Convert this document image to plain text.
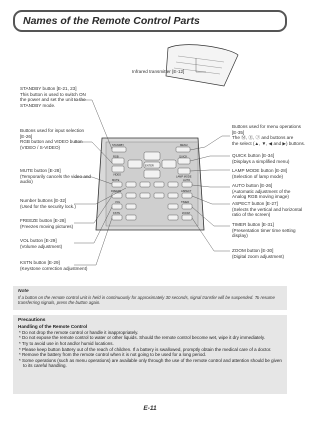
Names of the Remote Control Parts
STANDBY	MENU
ENTER
RGB
VIDEO
QUICK
LAMP MODE
MUTE	AUTO
FREEZE	ASPECT
VOL	TIMER
KSTN	ZOOM
STANDBY button [E-21, 23]
This button is used to switch ON
the power and set the unit to the
STANDBY mode.
Buttons used for input selection
[E-26]
RGB button and VIDEO button
(VIDEO / S-VIDEO)
MUTE button [E-28]
(Temporarily cancels the video and
audio)
Number buttons [E-32]
(Used for the security lock.)
FREEZE button [E-28]
(Freezes moving pictures)
VOL button [E-29]
(Volume adjustment)
KSTN button [E-29]
(Keystone correction adjustment)
Infrared transmitter [E-12]
Buttons used for menu operations
[E-35]
The Ⓜ, Ⓔ, Ⓙ and buttons are
the select (▲, ▼, ◀ and ▶) buttons.
QUICK button [E-34]
(Displays a simplified menu)
LAMP MODE button [E-28]
(Selection of lamp mode)
AUTO button [E-26]
(Automatic adjustment of the
Analog RGB moving image)
ASPECT button [E-27]
(Selects the vertical and horizontal
ratio of the screen)
TIMER button [E-31]
(Presentation timer time setting
display)
ZOOM button [E-30]
(Digital zoom adjustment)
Note
If a button on the remote control unit is held in continuously for approximately 30 seconds, signal transfer will be suspended. To resume transferring signals, press the button again.
Precautions
Handling of the Remote Control
* Do not drop the remote control or handle it inappropriately.
* Do not expose the remote control to water or other liquids. Should the remote control become wet, wipe it dry immediately.
* Try to avoid use in hot and/or humid locations.
* Please keep button battery out of the reach of children. If a battery is swallowed, promptly obtain the medical care of a doctor.
* Remove the battery from the remote control when it is not going to be used for a long period.
* Some operations (such as menu operations) are available only through the use of the remote control and attention should be given to its careful handling.
E-11
